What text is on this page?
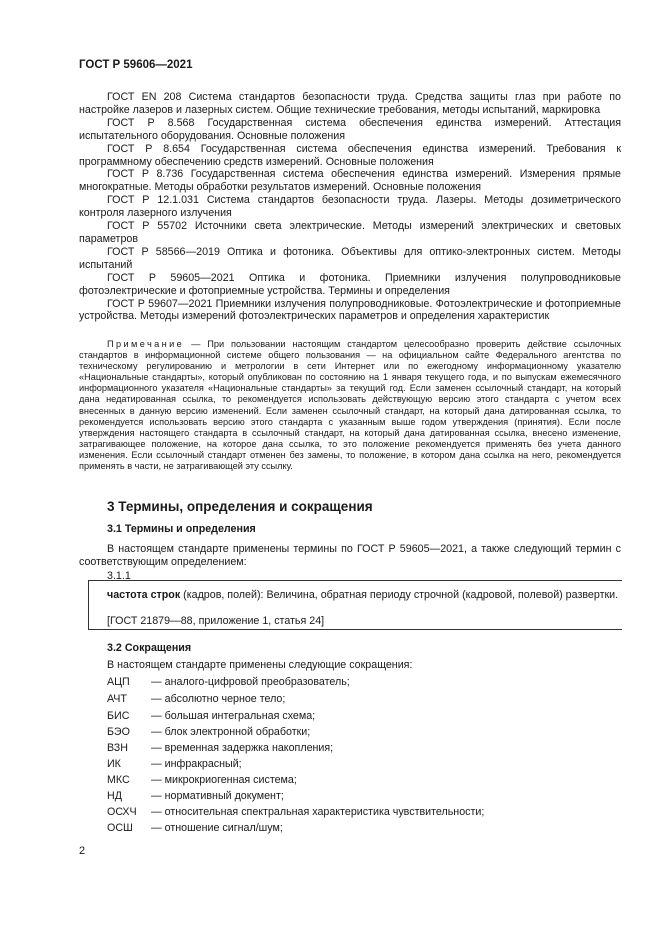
ГОСТ Р 59606—2021

ГОСТ EN 208 Система стандартов безопасности труда. Средства защиты глаз при работе по настройке лазеров и лазерных систем. Общие технические требования, методы испытаний, маркировка

ГОСТ Р 8.568 Государственная система обеспечения единства измерений. Аттестация испытательного оборудования. Основные положения

ГОСТ Р 8.654 Государственная система обеспечения единства измерений. Требования к программному обеспечению средств измерений. Основные положения

ГОСТ Р 8.736 Государственная система обеспечения единства измерений. Измерения прямые многократные. Методы обработки результатов измерений. Основные положения

ГОСТ Р 12.1.031 Система стандартов безопасности труда. Лазеры. Методы дозиметрического контроля лазерного излучения

ГОСТ Р 55702 Источники света электрические. Методы измерений электрических и световых параметров

ГОСТ Р 58566—2019 Оптика и фотоника. Объективы для оптико-электронных систем. Методы испытаний

ГОСТ Р 59605—2021 Оптика и фотоника. Приемники излучения полупроводниковые фотоэлектрические и фотоприемные устройства. Термины и определения

ГОСТ Р 59607—2021 Приемники излучения полупроводниковые. Фотоэлектрические и фотоприемные устройства. Методы измерений фотоэлектрических параметров и определения характеристик

Примечание — При пользовании настоящим стандартом целесообразно проверить действие ссылочных стандартов в информационной системе общего пользования — на официальном сайте Федерального агентства по техническому регулированию и метрологии в сети Интернет или по ежегодному информационному указателю «Национальные стандарты», который опубликован по состоянию на 1 января текущего года, и по выпускам ежемесячного информационного указателя «Национальные стандарты» за текущий год. Если заменен ссылочный стандарт, на который дана недатированная ссылка, то рекомендуется использовать действующую версию этого стандарта с учетом всех внесенных в данную версию изменений. Если заменен ссылочный стандарт, на который дана датированная ссылка, то рекомендуется использовать версию этого стандарта с указанным выше годом утверждения (принятия). Если после утверждения настоящего стандарта в ссылочный стандарт, на который дана датированная ссылка, внесено изменение, затрагивающее положение, на которое дана ссылка, то это положение рекомендуется применять без учета данного изменения. Если ссылочный стандарт отменен без замены, то положение, в котором дана ссылка на него, рекомендуется применять в части, не затрагивающей эту ссылку.

3 Термины, определения и сокращения
3.1 Термины и определения

В настоящем стандарте применены термины по ГОСТ Р 59605—2021, а также следующий термин с соответствующим определением:

3.1.1

частота строк (кадров, полей): Величина, обратная периоду строчной (кадровой, полевой) развертки.

[ГОСТ 21879—88, приложение 1, статья 24]
3.2 Сокращения
В настоящем стандарте применены следующие сокращения:
АЦП — аналого-цифровой преобразователь;
АЧТ — абсолютно черное тело;
БИС — большая интегральная схема;
БЭО — блок электронной обработки;
ВЗН — временная задержка накопления;
ИК	— инфракрасный;
МКС — микрокриогенная система;
НД	— нормативный документ;
ОСХЧ — относительная спектральная характеристика чувствительности;
ОСШ — отношение сигнал/шум;
2
